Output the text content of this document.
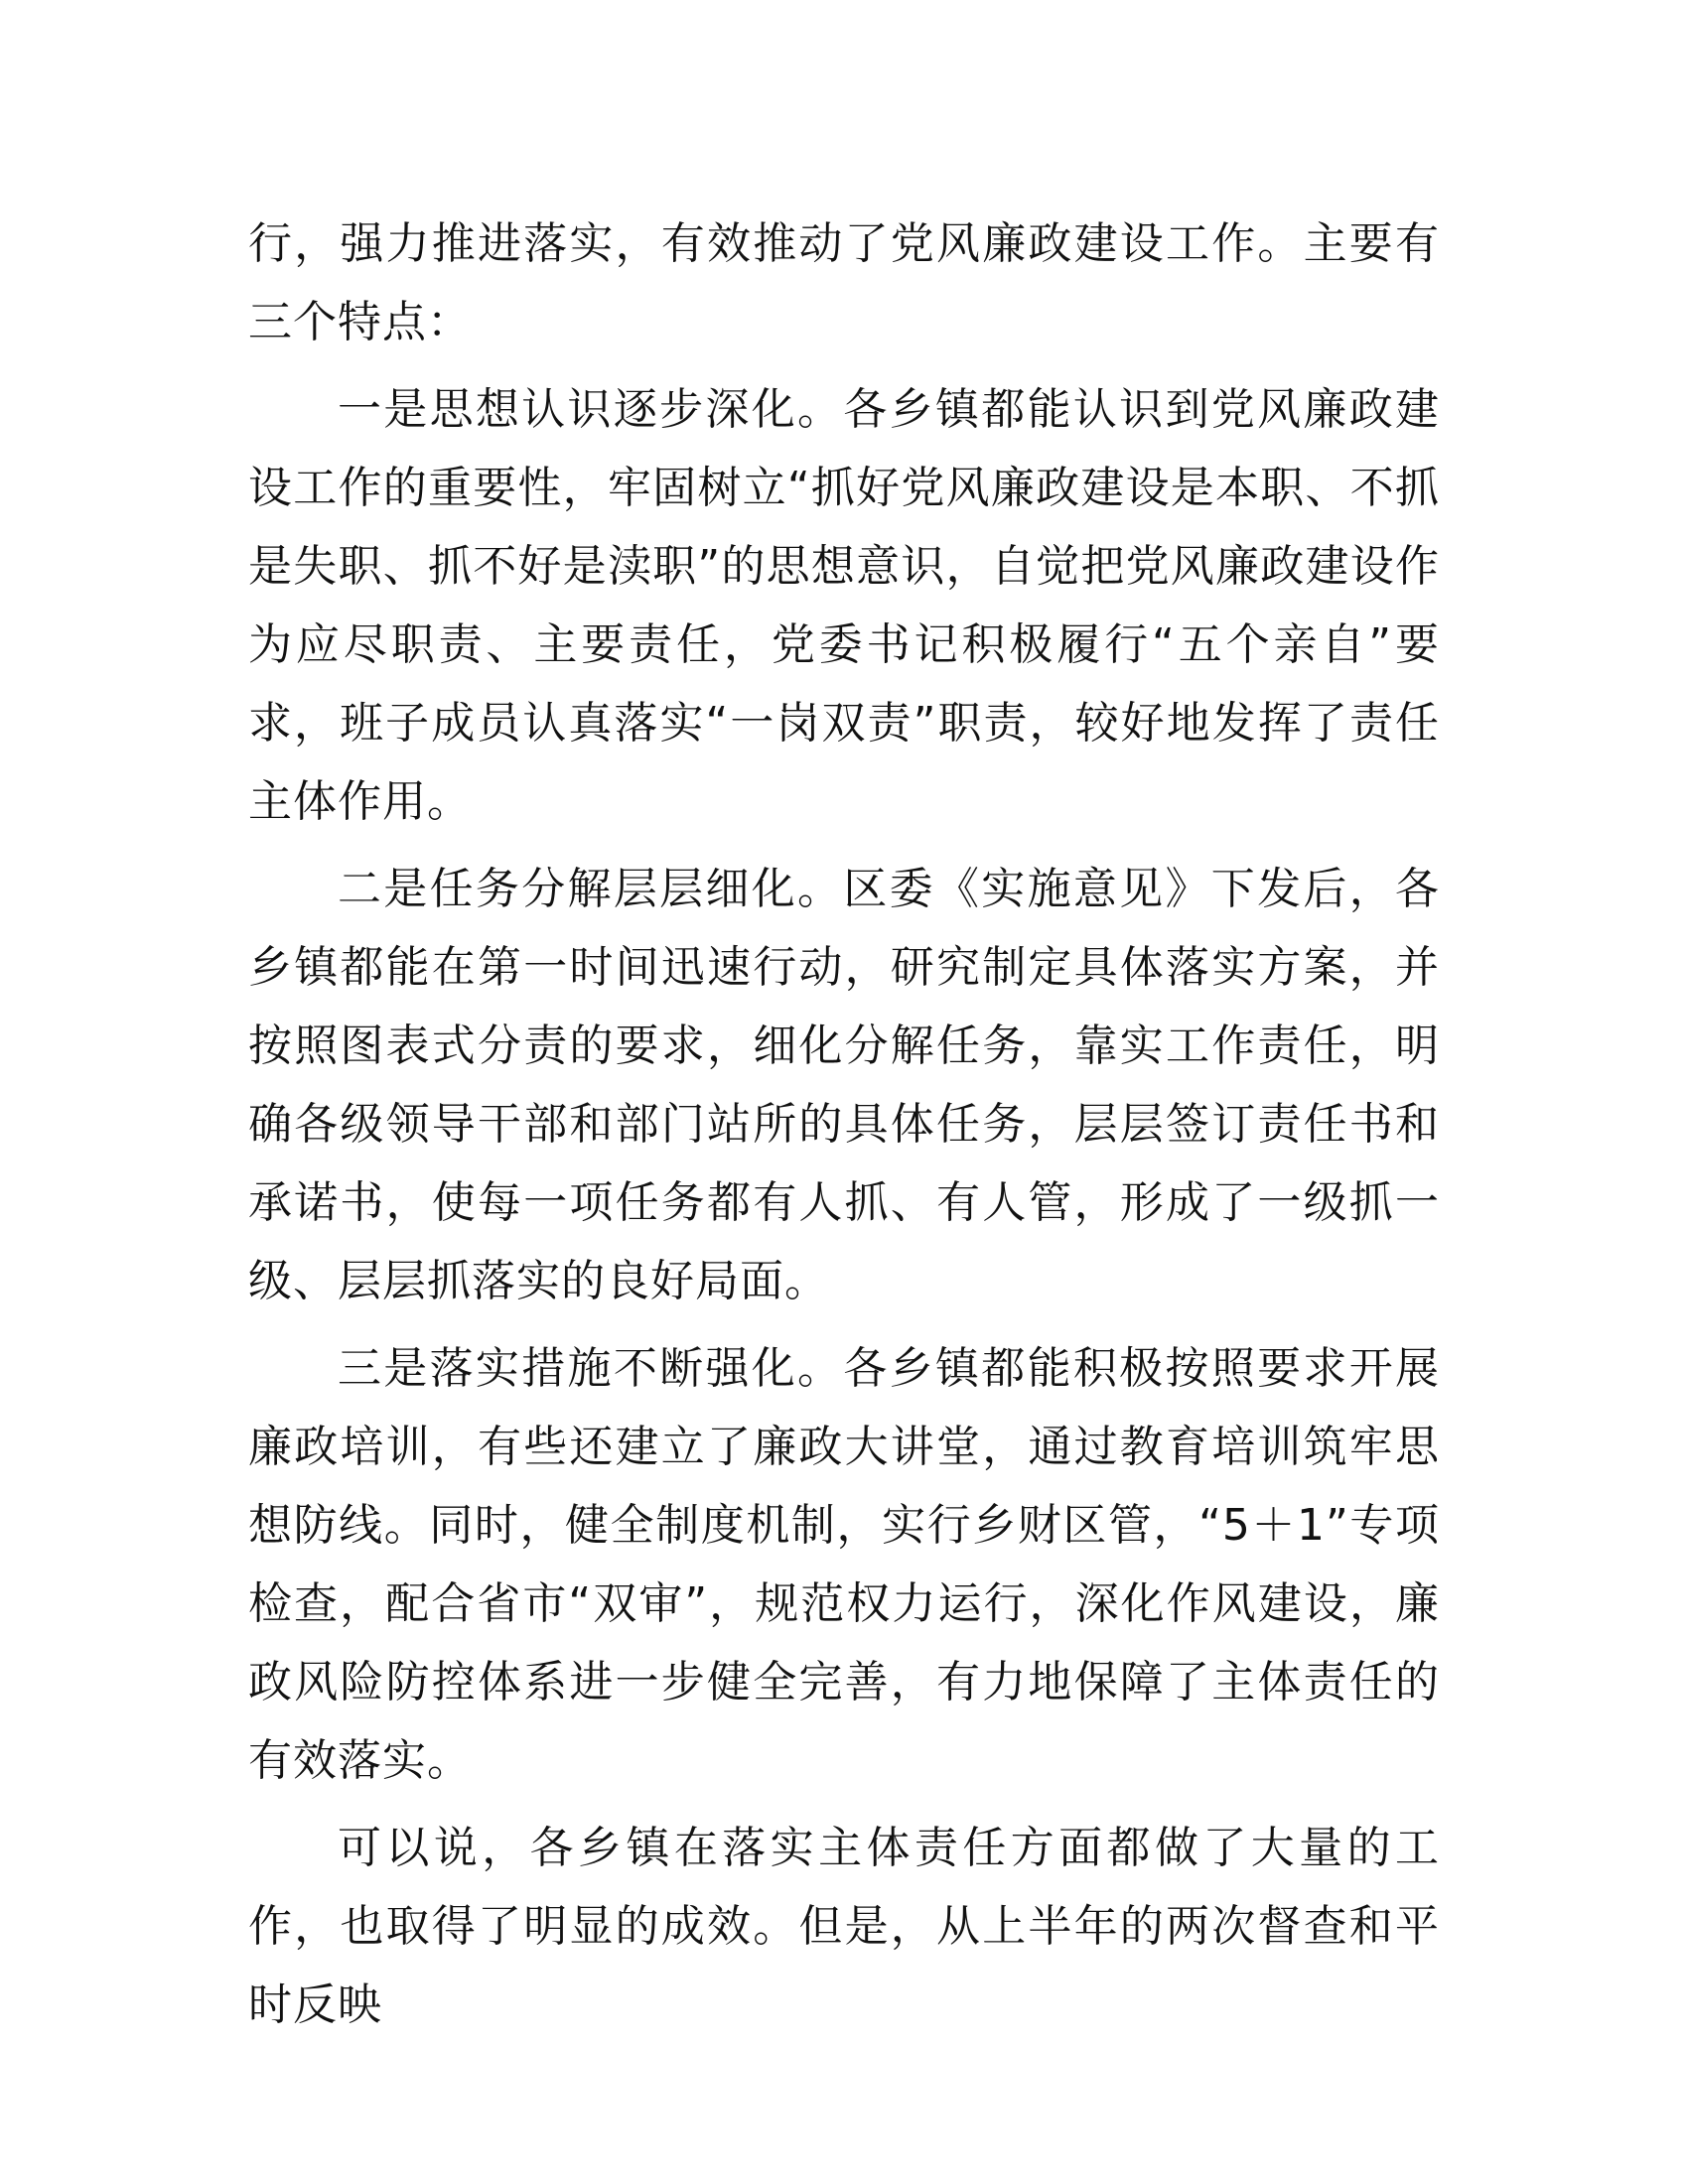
行，强力推进落实，有效推动了党风廉政建设工作。主要有三个特点：

一是思想认识逐步深化。各乡镇都能认识到党风廉政建设工作的重要性，牢固树立“抓好党风廉政建设是本职、不抓是失职、抓不好是渎职”的思想意识，自觉把党风廉政建设作为应尽职责、主要责任，党委书记积极履行“五个亲自”要求，班子成员认真落实“一岗双责”职责，较好地发挥了责任主体作用。

二是任务分解层层细化。区委《实施意见》下发后，各乡镇都能在第一时间迅速行动，研究制定具体落实方案，并按照图表式分责的要求，细化分解任务，靠实工作责任，明确各级领导干部和部门站所的具体任务，层层签订责任书和承诺书，使每一项任务都有人抓、有人管，形成了一级抓一级、层层抓落实的良好局面。

三是落实措施不断强化。各乡镇都能积极按照要求开展廉政培训，有些还建立了廉政大讲堂，通过教育培训筑牢思想防线。同时，健全制度机制，实行乡财区管，“5＋1”专项检查，配合省市“双审”，规范权力运行，深化作风建设，廉政风险防控体系进一步健全完善，有力地保障了主体责任的有效落实。

可以说，各乡镇在落实主体责任方面都做了大量的工作，也取得了明显的成效。但是，从上半年的两次督查和平时反映
